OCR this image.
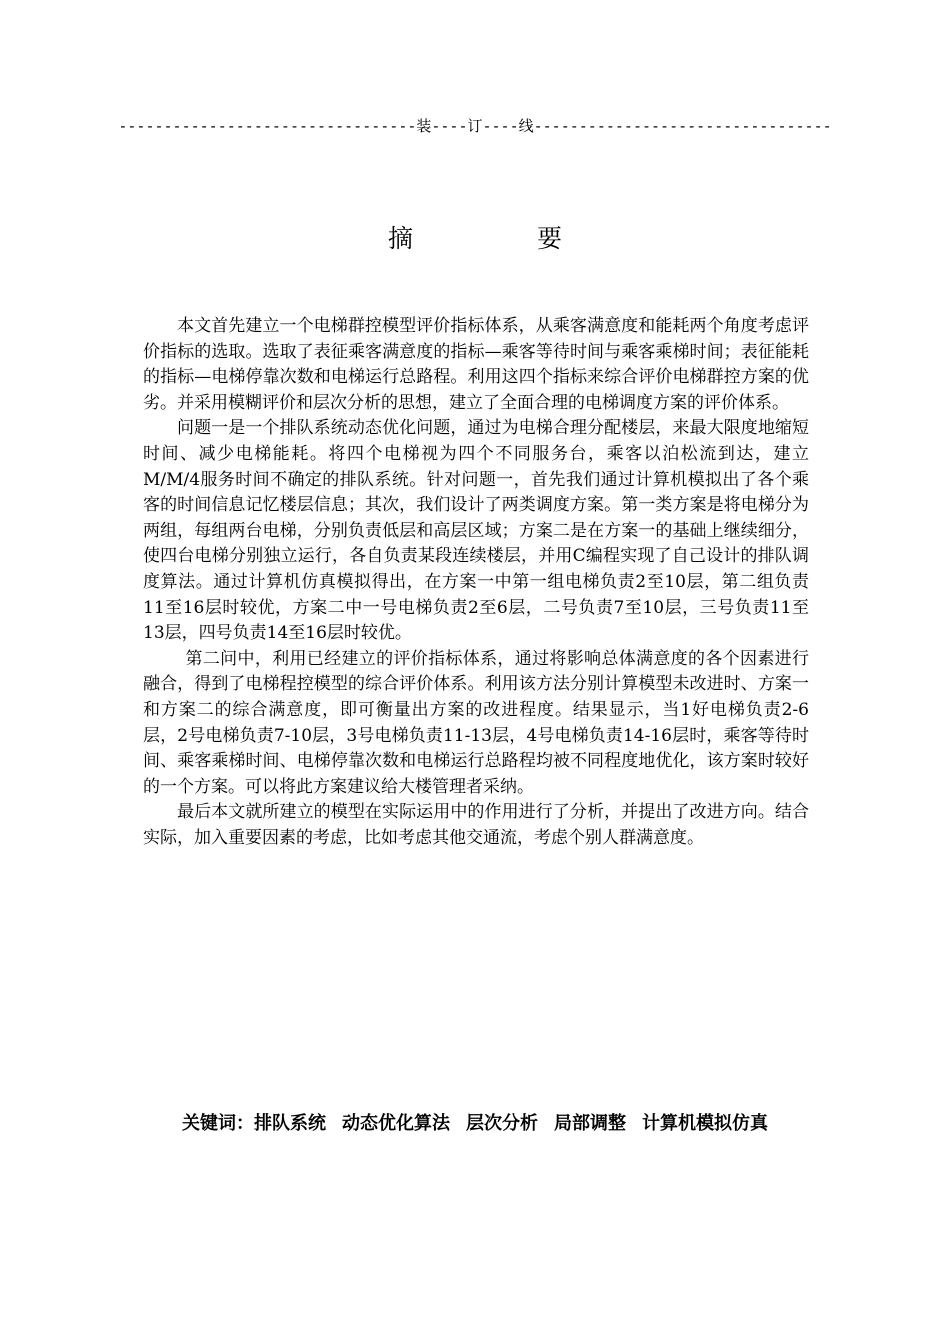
---------------------------------装----订----线---------------------------------
摘	要

本文首先建立一个电梯群控模型评价指标体系，从乘客满意度和能耗两个角度考虑评价指标的选取。选取了表征乘客满意度的指标—乘客等待时间与乘客乘梯时间；表征能耗的指标—电梯停靠次数和电梯运行总路程。利用这四个指标来综合评价电梯群控方案的优劣。并采用模糊评价和层次分析的思想，建立了全面合理的电梯调度方案的评价体系。

问题一是一个排队系统动态优化问题，通过为电梯合理分配楼层，来最大限度地缩短时间、减少电梯能耗。将四个电梯视为四个不同服务台，乘客以泊松流到达，建立M/M/4服务时间不确定的排队系统。针对问题一，首先我们通过计算机模拟出了各个乘客的时间信息记忆楼层信息；其次，我们设计了两类调度方案。第一类方案是将电梯分为两组，每组两台电梯，分别负责低层和高层区域；方案二是在方案一的基础上继续细分，使四台电梯分别独立运行，各自负责某段连续楼层，并用C编程实现了自己设计的排队调度算法。通过计算机仿真模拟得出，在方案一中第一组电梯负责2至10层，第二组负责11至16层时较优，方案二中一号电梯负责2至6层，二号负责7至10层，三号负责11至13层，四号负责14至16层时较优。

第二问中，利用已经建立的评价指标体系，通过将影响总体满意度的各个因素进行融合，得到了电梯程控模型的综合评价体系。利用该方法分别计算模型未改进时、方案一和方案二的综合满意度，即可衡量出方案的改进程度。结果显示，当1好电梯负责2-6层，2号电梯负责7-10层，3号电梯负责11-13层，4号电梯负责14-16层时，乘客等待时间、乘客乘梯时间、电梯停靠次数和电梯运行总路程均被不同程度地优化，该方案时较好的一个方案。可以将此方案建议给大楼管理者采纳。

最后本文就所建立的模型在实际运用中的作用进行了分析，并提出了改进方向。结合实际，加入重要因素的考虑，比如考虑其他交通流，考虑个别人群满意度。

关键词：排队系统 动态优化算法 层次分析 局部调整 计算机模拟仿真
